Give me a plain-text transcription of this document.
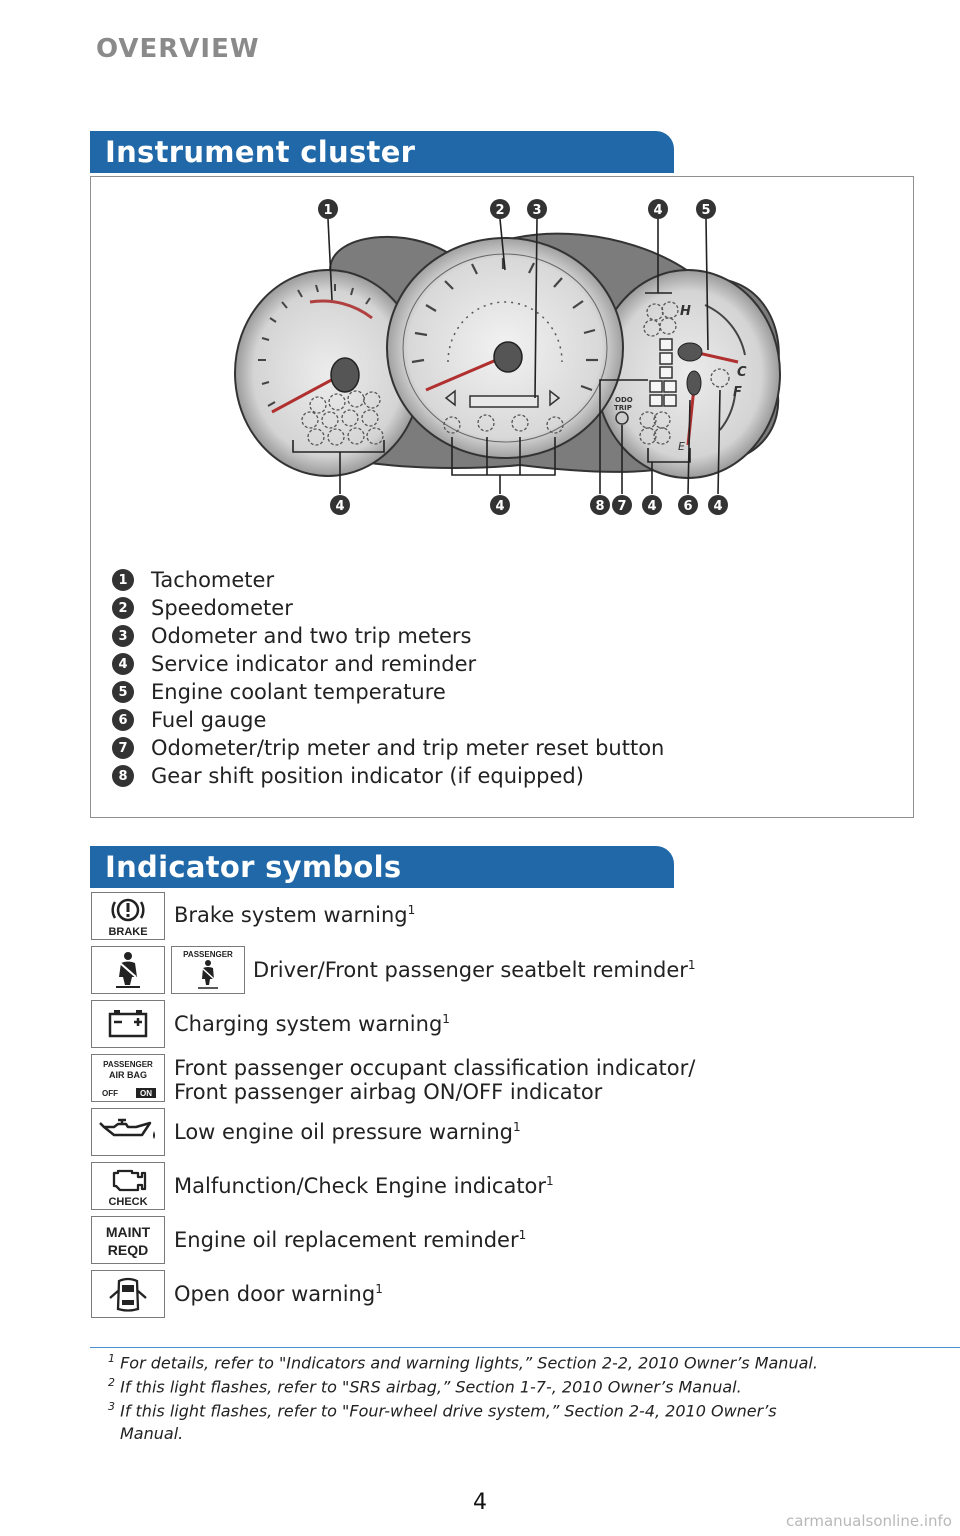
OVERVIEW
Instrument cluster
H
C
F
E
ODO
TRIP
1	2 3	4	5
4	4	8 7 4 6 4
1	Tachometer
2	Speedometer
3	Odometer and two trip meters
4	Service indicator and reminder
5	Engine coolant temperature
6	Fuel gauge
7	Odometer/trip meter and trip meter reset button
8	Gear shift position indicator (if equipped)
Indicator symbols
BRAKE
Brake system warning$^1$
PASSENGER
Driver/Front passenger seatbelt reminder$^1$
Charging system warning$^1$
PASSENGER
AIR BAG
OFF	ON
Front passenger occupant classification indicator/
Front passenger airbag ON/OFF indicator
Low engine oil pressure warning$^1$
CHECK
Malfunction/Check Engine indicator$^1$
MAINT
REQD Engine oil replacement reminder$^1$
Open door warning$^1$
$^1$ For details, refer to "Indicators and warning lights,” Section 2-2, 2010 Owner’s Manual.
$^2$ If this light flashes, refer to "SRS airbag,” Section 1-7-, 2010 Owner’s Manual.
$^3$ If this light flashes, refer to "Four-wheel drive system,” Section 2-4, 2010 Owner’s
Manual.
4
carmanualsonline.info
